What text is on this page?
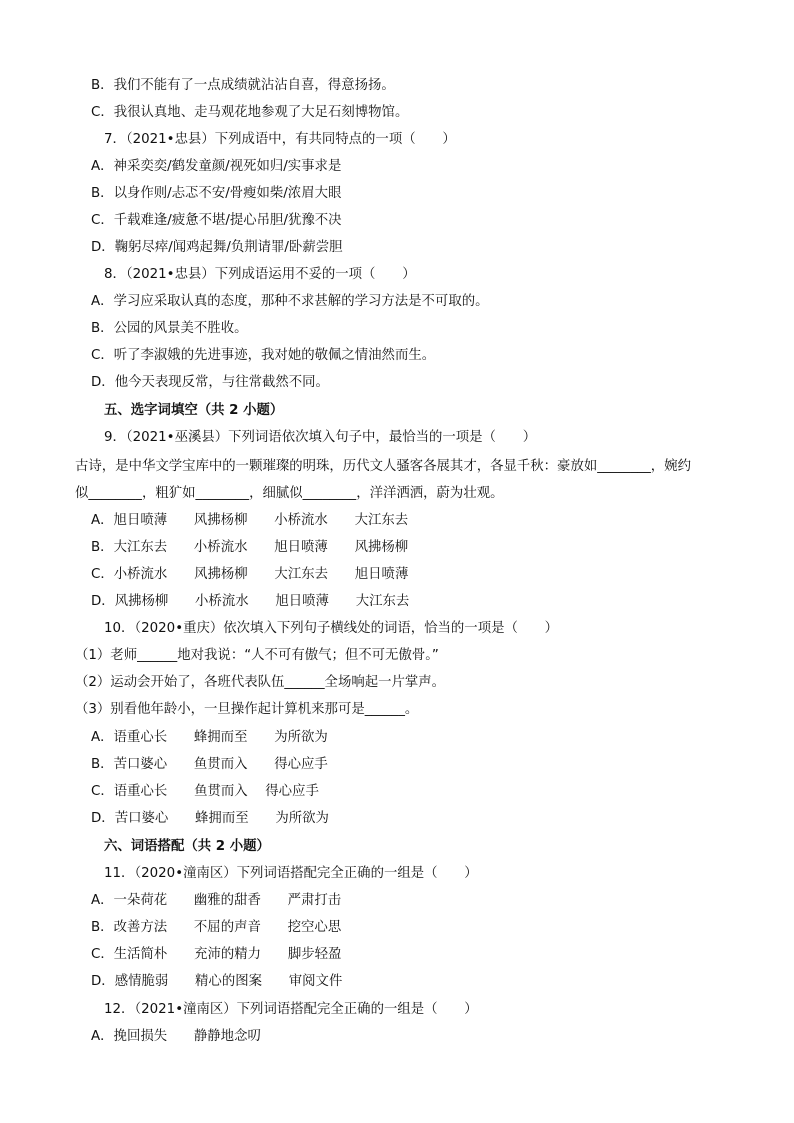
B．我们不能有了一点成绩就沾沾自喜，得意扬扬。
C．我很认真地、走马观花地参观了大足石刻博物馆。
7．（2021•忠县）下列成语中，有共同特点的一项（　　）
A．神采奕奕/鹤发童颜/视死如归/实事求是
B．以身作则/忐忑不安/骨瘦如柴/浓眉大眼
C．千载难逢/疲惫不堪/提心吊胆/犹豫不决
D．鞠躬尽瘁/闻鸡起舞/负荆请罪/卧薪尝胆
8．（2021•忠县）下列成语运用不妥的一项（　　）
A．学习应采取认真的态度，那种不求甚解的学习方法是不可取的。
B．公园的风景美不胜收。
C．听了李淑娥的先进事迹，我对她的敬佩之情油然而生。
D．他今天表现反常，与往常截然不同。
五、选字词填空（共 2 小题）
9．（2021•巫溪县）下列词语依次填入句子中，最恰当的一项是（　　）
古诗，是中华文学宝库中的一颗璀璨的明珠，历代文人骚客各展其才，各显千秋：豪放如________，婉约
似________，粗犷如________，细腻似________，洋洋洒洒，蔚为壮观。
A．旭日喷薄　　风拂杨柳　　小桥流水　　大江东去
B．大江东去　　小桥流水　　旭日喷薄　　风拂杨柳
C．小桥流水　　风拂杨柳　　大江东去　　旭日喷薄
D．风拂杨柳　　小桥流水　　旭日喷薄　　大江东去
10．（2020•重庆）依次填入下列句子横线处的词语，恰当的一项是（　　）
（1）老师______地对我说：“人不可有傲气；但不可无傲骨。”
（2）运动会开始了，各班代表队伍______全场响起一片掌声。
（3）别看他年龄小，一旦操作起计算机来那可是______。
A．语重心长　　蜂拥而至　　为所欲为
B．苦口婆心　　鱼贯而入　　得心应手
C．语重心长　　鱼贯而入　 得心应手
D．苦口婆心　　蜂拥而至　　为所欲为
六、词语搭配（共 2 小题）
11．（2020•潼南区）下列词语搭配完全正确的一组是（　　）
A．一朵荷花　　幽雅的甜香　　严肃打击
B．改善方法　　不屈的声音　　挖空心思
C．生活简朴　　充沛的精力　　脚步轻盈
D．感情脆弱　　精心的图案　　审阅文件
12．（2021•潼南区）下列词语搭配完全正确的一组是（　　）
A．挽回损失　　静静地念叨
